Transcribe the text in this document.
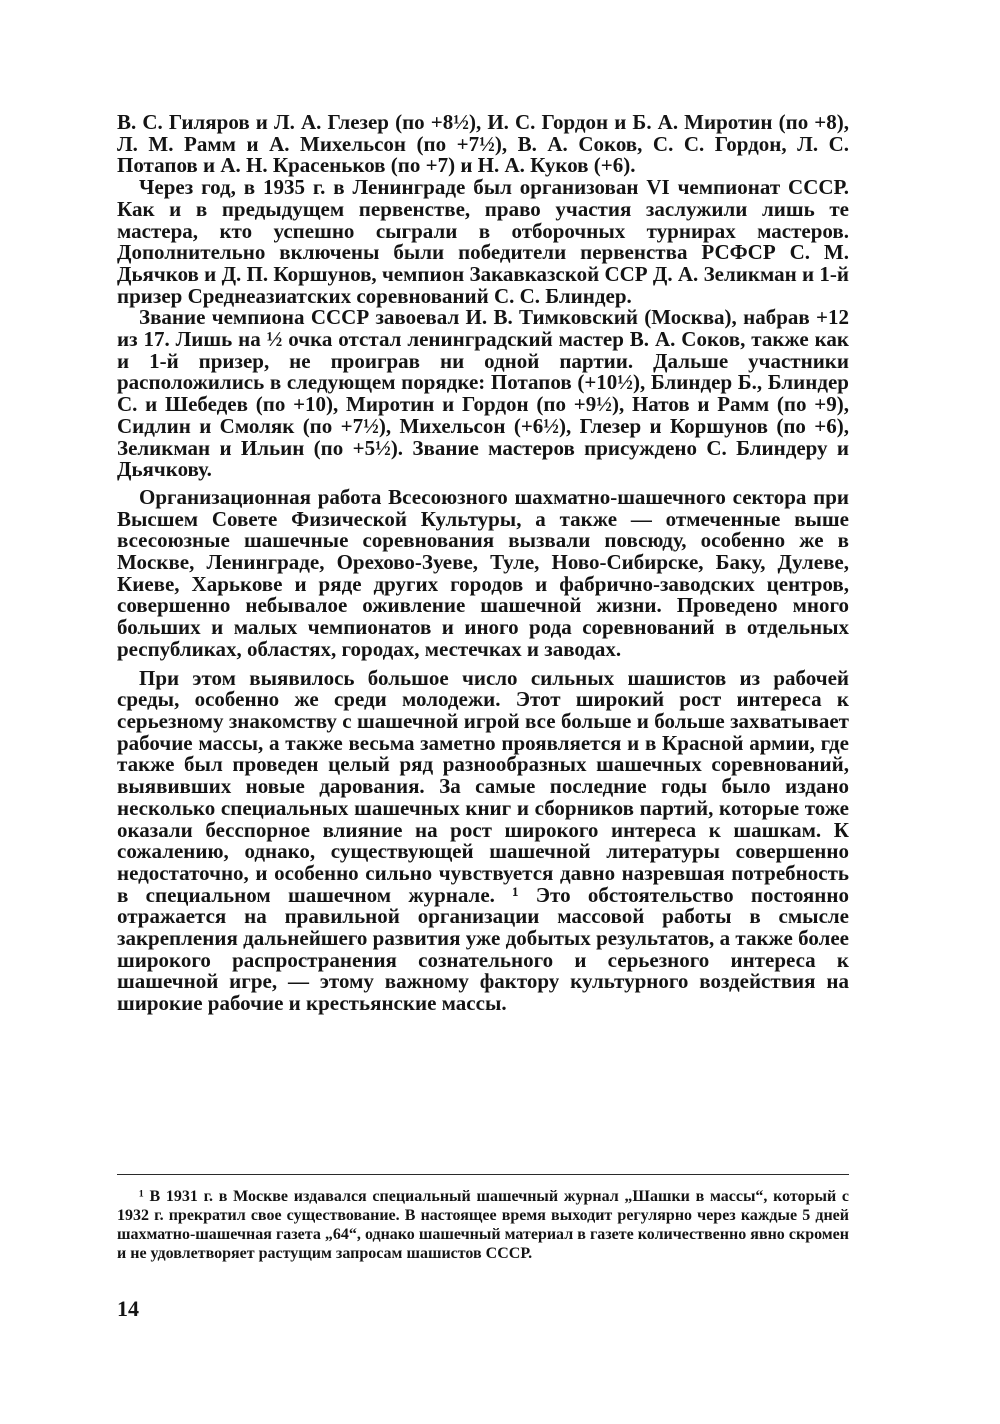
В. С. Гиляров и Л. А. Глезер (по +8½), И. С. Гордон и Б. А. Миротин (по +8), Л. М. Рамм и А. Михельсон (по +7½), В. А. Соков, С. С. Гордон, Л. С. Потапов и А. Н. Красеньков (по +7) и Н. А. Куков (+6).

Через год, в 1935 г. в Ленинграде был организован VI чемпионат СССР. Как и в предыдущем первенстве, право участия заслужили лишь те мастера, кто успешно сыграли в отборочных турнирах мастеров. Дополнительно включены были победители первенства РСФСР С. М. Дьячков и Д. П. Коршунов, чемпион Закавказской ССР Д. А. Зеликман и 1-й призер Среднеазиатских соревнований С. С. Блиндер.

Звание чемпиона СССР завоевал И. В. Тимковский (Москва), набрав +12 из 17. Лишь на ½ очка отстал ленинградский мастер В. А. Соков, также как и 1-й призер, не проиграв ни одной партии. Дальше участники расположились в следующем порядке: Потапов (+10½), Блиндер Б., Блиндер С. и Шебедев (по +10), Миротин и Гордон (по +9½), Натов и Рамм (по +9), Сидлин и Смоляк (по +7½), Михельсон (+6½), Глезер и Коршунов (по +6), Зеликман и Ильин (по +5½). Звание мастеров присуждено С. Блиндеру и Дьячкову.

Организационная работа Всесоюзного шахматно-шашечного сектора при Высшем Совете Физической Культуры, а также — отмеченные выше всесоюзные шашечные соревнования вызвали повсюду, особенно же в Москве, Ленинграде, Орехово-Зуеве, Туле, Ново-Сибирске, Баку, Дулеве, Киеве, Харькове и ряде других городов и фабрично-заводских центров, совершенно небывалое оживление шашечной жизни. Проведено много больших и малых чемпионатов и иного рода соревнований в отдельных республиках, областях, городах, местечках и заводах.

При этом выявилось большое число сильных шашистов из рабочей среды, особенно же среди молодежи. Этот широкий рост интереса к серьезному знакомству с шашечной игрой все больше и больше захватывает рабочие массы, а также весьма заметно проявляется и в Красной армии, где также был проведен целый ряд разнообразных шашечных соревнований, выявивших новые дарования. За самые последние годы было издано несколько специальных шашечных книг и сборников партий, которые тоже оказали бесспорное влияние на рост широкого интереса к шашкам. К сожалению, однако, существующей шашечной литературы совершенно недостаточно, и особенно сильно чувствуется давно назревшая потребность в специальном шашечном журнале. ¹ Это обстоятельство постоянно отражается на правильной организации массовой работы в смысле закрепления дальнейшего развития уже добытых результатов, а также более широкого распространения сознательного и серьезного интереса к шашечной игре, — этому важному фактору культурного воздействия на широкие рабочие и крестьянские массы.

¹ В 1931 г. в Москве издавался специальный шашечный журнал „Шашки в массы“, который с 1932 г. прекратил свое существование. В настоящее время выходит регулярно через каждые 5 дней шахматно-шашечная газета „64“, однако шашечный материал в газете количественно явно скромен и не удовлетворяет растущим запросам шашистов СССР.

14
